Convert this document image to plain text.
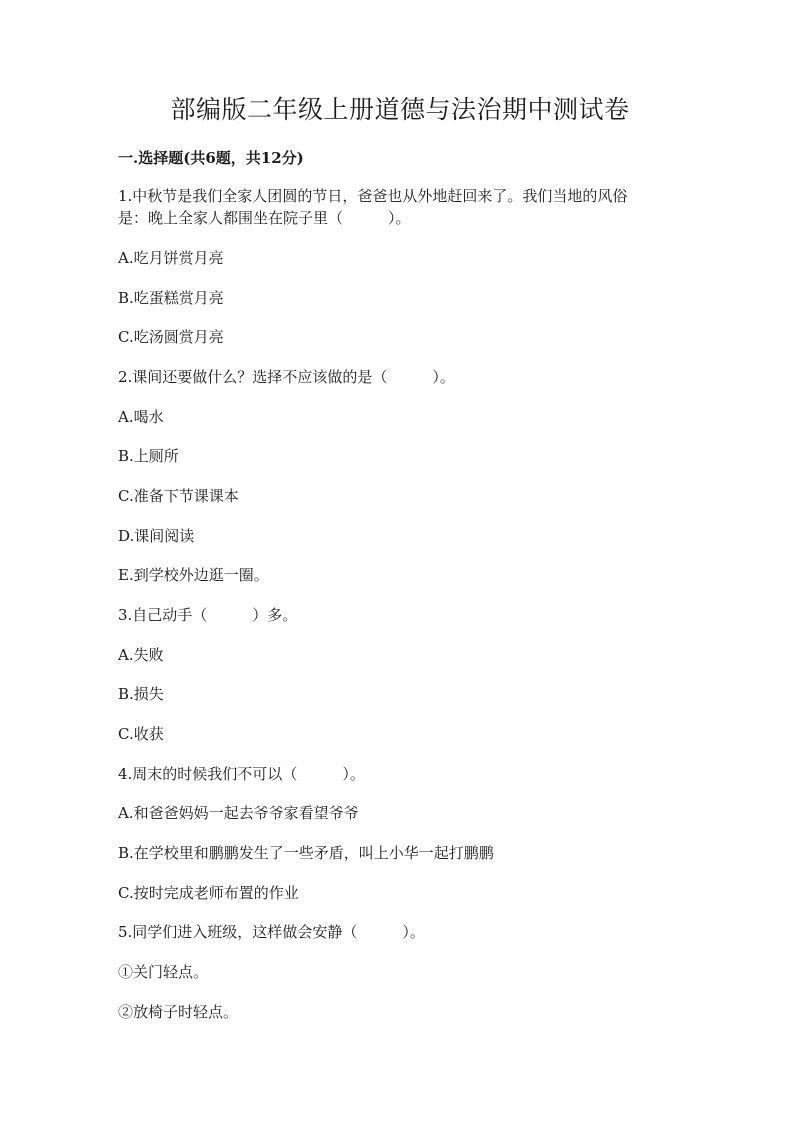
部编版二年级上册道德与法治期中测试卷
一.选择题(共6题，共12分)
1.中秋节是我们全家人团圆的节日，爸爸也从外地赶回来了。我们当地的风俗
是：晚上全家人都围坐在院子里（　　　）。
A.吃月饼赏月亮
B.吃蛋糕赏月亮
C.吃汤圆赏月亮
2.课间还要做什么？选择不应该做的是（　　　）。
A.喝水
B.上厕所
C.准备下节课课本
D.课间阅读
E.到学校外边逛一圈。
3.自己动手（　　　）多。
A.失败
B.损失
C.收获
4.周末的时候我们不可以（　　　）。
A.和爸爸妈妈一起去爷爷家看望爷爷
B.在学校里和鹏鹏发生了一些矛盾，叫上小华一起打鹏鹏
C.按时完成老师布置的作业
5.同学们进入班级，这样做会安静（　　　）。
①关门轻点。
②放椅子时轻点。
